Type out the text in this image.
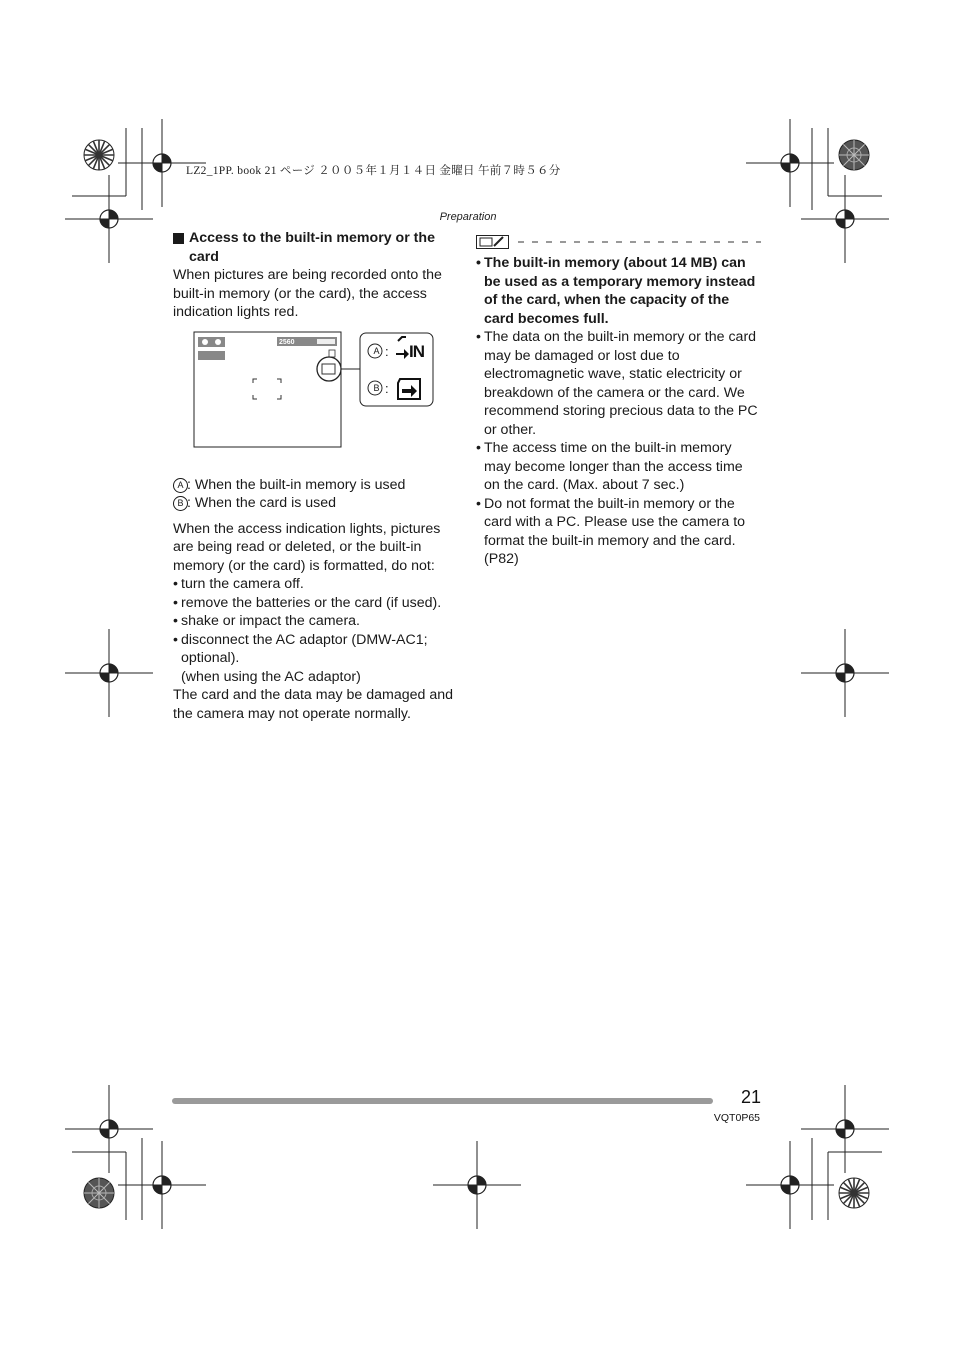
LZ2_1PP. book 21 ページ ２００５年１月１４日 金曜日 午前７時５６分
Preparation
Access to the built-in memory or the card

When pictures are being recorded onto the built-in memory (or the card), the access indication lights red.

2560
A : IN
B :
A : When the built-in memory is used
B : When the card is used

When the access indication lights, pictures are being read or deleted, or the built-in memory (or the card) is formatted, do not:

• turn the camera off.
• remove the batteries or the card (if used).
• shake or impact the camera.
• disconnect the AC adaptor (DMW-AC1; optional).
(when using the AC adaptor)

The card and the data may be damaged and the camera may not operate normally.

• The built-in memory (about 14 MB) can be used as a temporary memory instead of the card, when the capacity of the card becomes full.
• The data on the built-in memory or the card may be damaged or lost due to electromagnetic wave, static electricity or breakdown of the camera or the card. We recommend storing precious data to the PC or other.
• The access time on the built-in memory may become longer than the access time on the card. (Max. about 7 sec.)
• Do not format the built-in memory or the card with a PC. Please use the camera to format the built-in memory and the card. (P82)
21
VQT0P65
